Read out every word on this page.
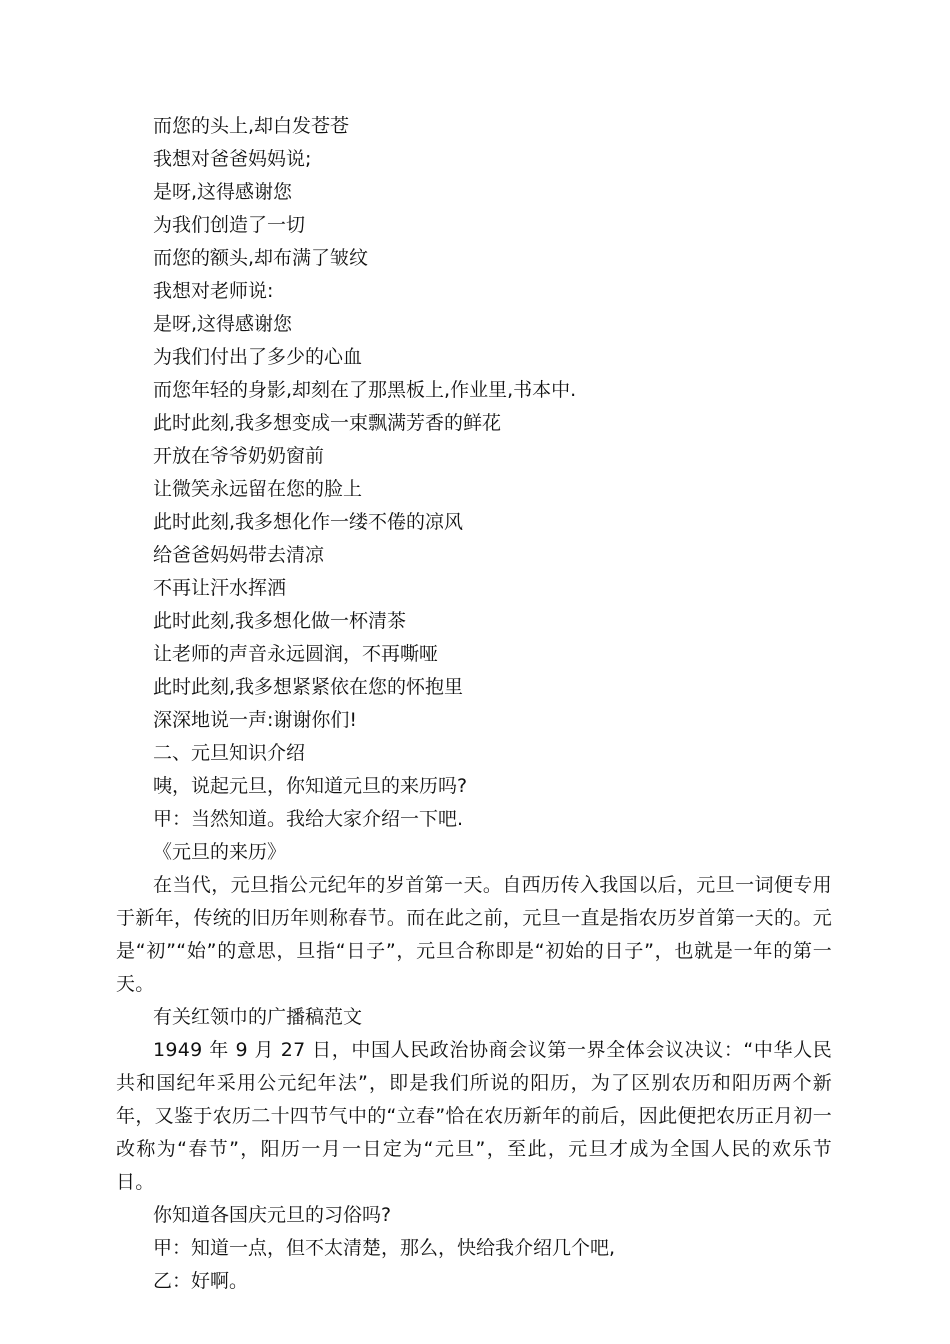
而您的头上,却白发苍苍
我想对爸爸妈妈说;
是呀,这得感谢您
为我们创造了一切
而您的额头,却布满了皱纹
我想对老师说:
是呀,这得感谢您
为我们付出了多少的心血
而您年轻的身影,却刻在了那黑板上,作业里,书本中.
此时此刻,我多想变成一束飘满芳香的鲜花
开放在爷爷奶奶窗前
让微笑永远留在您的脸上
此时此刻,我多想化作一缕不倦的凉风
给爸爸妈妈带去清凉
不再让汗水挥洒
此时此刻,我多想化做一杯清茶
让老师的声音永远圆润，不再嘶哑
此时此刻,我多想紧紧依在您的怀抱里
深深地说一声:谢谢你们!
二、元旦知识介绍
咦，说起元旦，你知道元旦的来历吗?
甲：当然知道。我给大家介绍一下吧.
《元旦的来历》
在当代，元旦指公元纪年的岁首第一天。自西历传入我国以后，元旦一词便专用于新年，传统的旧历年则称春节。而在此之前，元旦一直是指农历岁首第一天的。元是“初”“始”的意思，旦指“日子”，元旦合称即是“初始的日子”，也就是一年的第一天。
有关红领巾的广播稿范文
1949 年 9 月 27 日，中国人民政治协商会议第一界全体会议决议：“中华人民共和国纪年采用公元纪年法”，即是我们所说的阳历，为了区别农历和阳历两个新年，又鉴于农历二十四节气中的“立春”恰在农历新年的前后，因此便把农历正月初一改称为“春节”，阳历一月一日定为“元旦”，至此，元旦才成为全国人民的欢乐节日。
你知道各国庆元旦的习俗吗?
甲：知道一点，但不太清楚，那么，快给我介绍几个吧,
乙：好啊。
